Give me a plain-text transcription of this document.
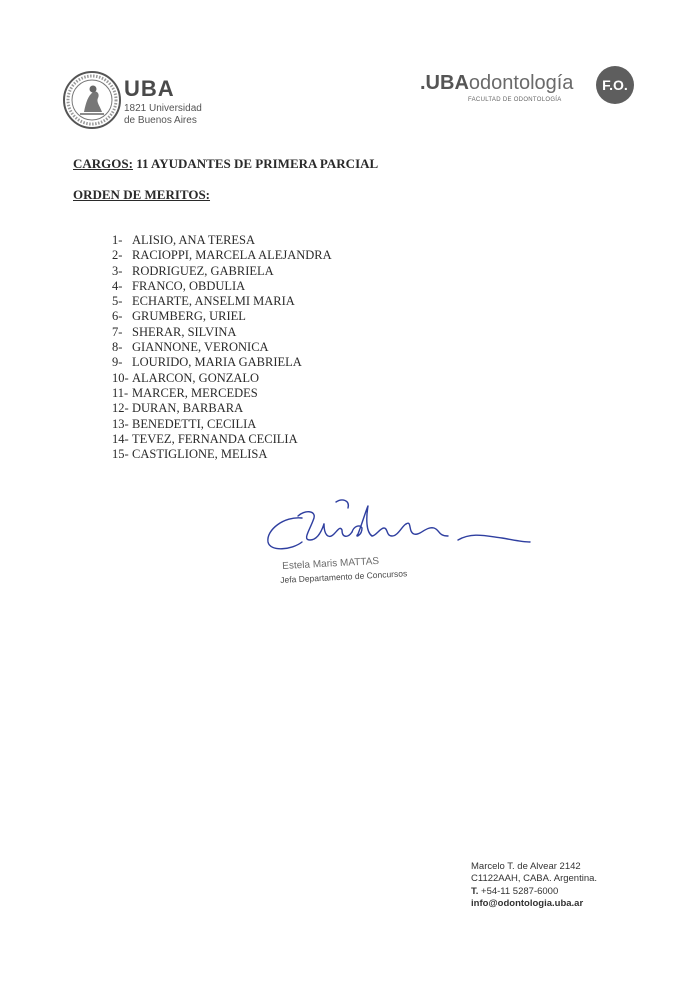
UBA
1821 Universidad
de Buenos Aires
.UBAodontología
FACULTAD DE ODONTOLOGÍA
F.O.
CARGOS: 11 AYUDANTES DE PRIMERA PARCIAL
ORDEN DE MERITOS:
1- ALISIO, ANA TERESA
2- RACIOPPI, MARCELA ALEJANDRA
3- RODRIGUEZ, GABRIELA
4- FRANCO, OBDULIA
5- ECHARTE, ANSELMI MARIA
6- GRUMBERG, URIEL
7- SHERAR, SILVINA
8- GIANNONE, VERONICA
9- LOURIDO, MARIA GABRIELA
10- ALARCON, GONZALO
11- MARCER, MERCEDES
12- DURAN, BARBARA
13- BENEDETTI, CECILIA
14- TEVEZ, FERNANDA CECILIA
15- CASTIGLIONE, MELISA
Estela Maris MATTAS
Jefa Departamento de Concursos
Marcelo T. de Alvear 2142
C1122AAH, CABA. Argentina.
T. +54-11 5287-6000
info@odontologia.uba.ar
